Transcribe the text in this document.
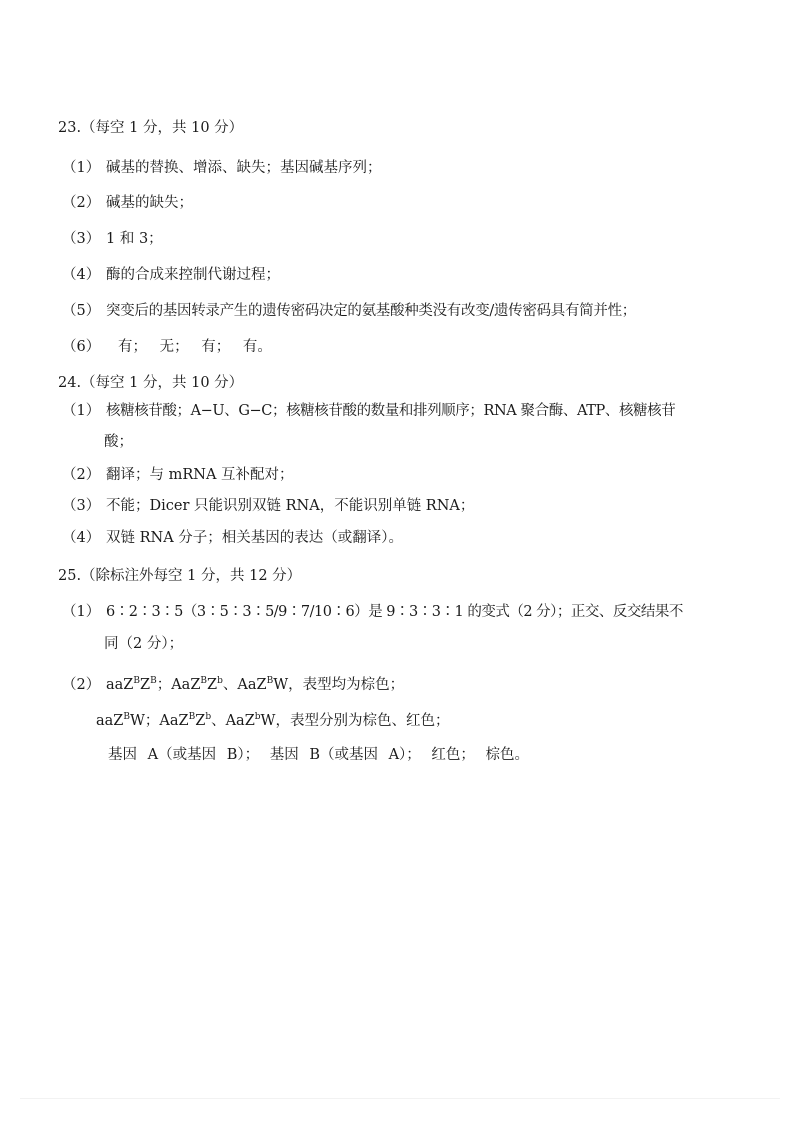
23.（每空 1 分，共 10 分）
（1） 碱基的替换、增添、缺失；基因碱基序列；
（2） 碱基的缺失；
（3） 1 和 3；
（4） 酶的合成来控制代谢过程；
（5） 突变后的基因转录产生的遗传密码决定的氨基酸种类没有改变/遗传密码具有简并性；
（6） 有； 无； 有； 有。
24.（每空 1 分，共 10 分）
（1） 核糖核苷酸；A−U、G−C；核糖核苷酸的数量和排列顺序；RNA 聚合酶、ATP、核糖核苷
酸；
（2） 翻译；与 mRNA 互补配对；
（3） 不能；Dicer 只能识别双链 RNA，不能识别单链 RNA；
（4） 双链 RNA 分子；相关基因的表达（或翻译）。
25.（除标注外每空 1 分，共 12 分）
（1） 6∶2∶3∶5（3∶5∶3∶5/9∶7/10∶6）是 9∶3∶3∶1 的变式（2 分）；正交、反交结果不
同（2 分）；
（2） $aaZ^BZ^B$；$AaZ^BZ^b$、AaZ$^B$W，表型均为棕色；
aaZ$^B$W；$AaZ^BZ^b$、AaZ$^b$W，表型分别为棕色、红色；
基因 A（或基因 B）； 基因 B（或基因 A）； 红色； 棕色。
